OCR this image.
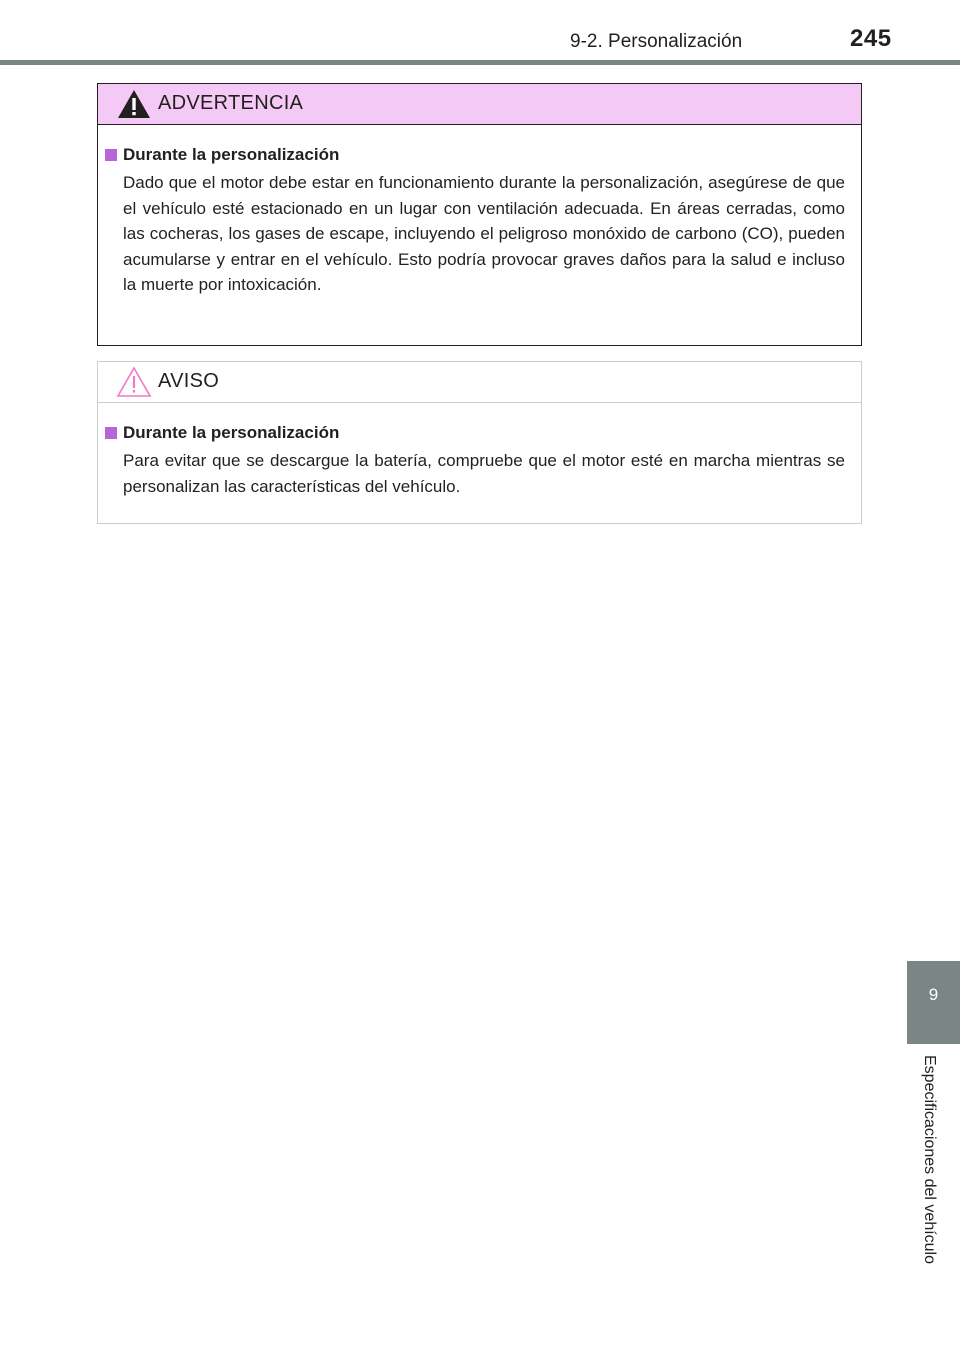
9-2. Personalización	245
ADVERTENCIA
Durante la personalización

Dado que el motor debe estar en funcionamiento durante la personalización, asegúrese de que el vehículo esté estacionado en un lugar con ventilación adecuada. En áreas cerradas, como las cocheras, los gases de escape, incluyendo el peligroso monóxido de carbono (CO), pueden acumularse y entrar en el vehículo. Esto podría provocar graves daños para la salud e incluso la muerte por intoxicación.

AVISO
Durante la personalización

Para evitar que se descargue la batería, compruebe que el motor esté en marcha mientras se personalizan las características del vehículo.

9
Especificaciones del vehículo
